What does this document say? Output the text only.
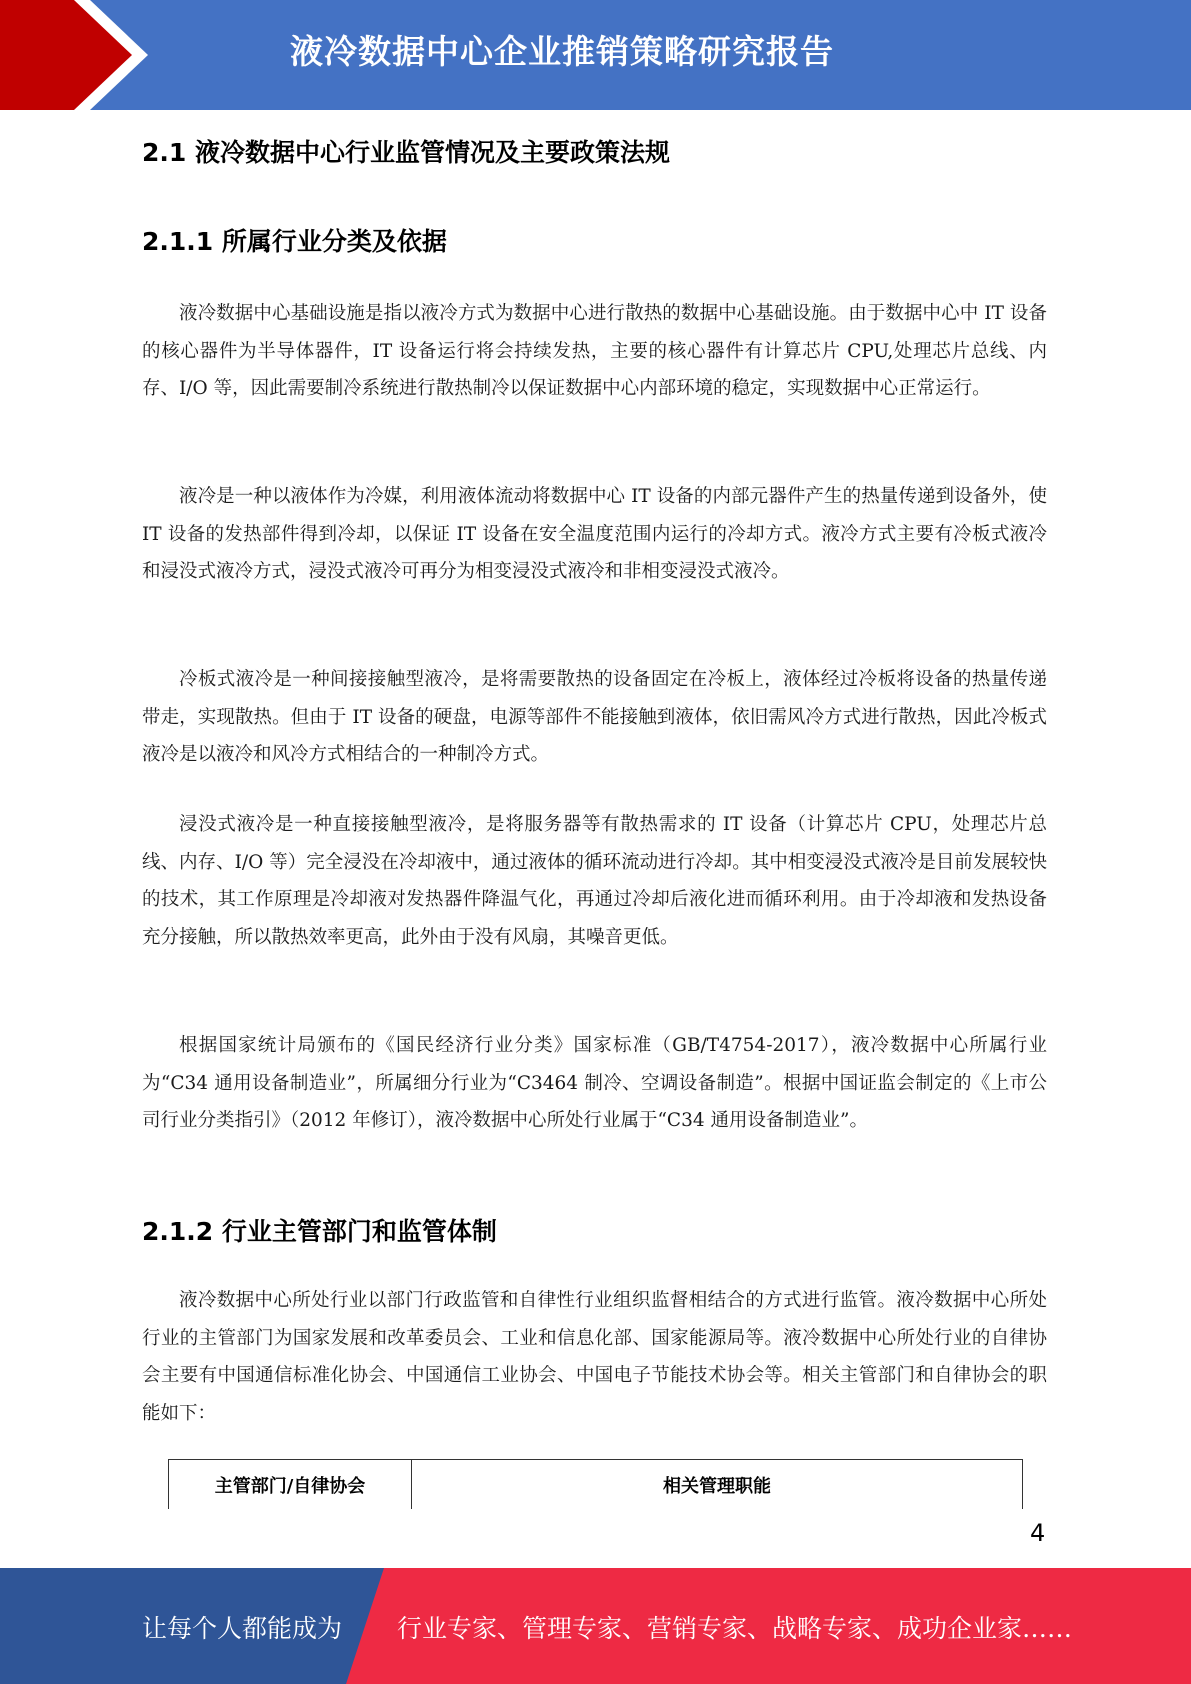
液冷数据中心企业推销策略研究报告
2.1 液冷数据中心行业监管情况及主要政策法规
2.1.1 所属行业分类及依据

液冷数据中心基础设施是指以液冷方式为数据中心进行散热的数据中心基础设施。由于数据中心中 IT 设备的核心器件为半导体器件，IT 设备运行将会持续发热，主要的核心器件有计算芯片 CPU,处理芯片总线、内存、I/O 等，因此需要制冷系统进行散热制冷以保证数据中心内部环境的稳定，实现数据中心正常运行。

液冷是一种以液体作为冷媒，利用液体流动将数据中心 IT 设备的内部元器件产生的热量传递到设备外，使 IT 设备的发热部件得到冷却，以保证 IT 设备在安全温度范围内运行的冷却方式。液冷方式主要有冷板式液冷和浸没式液冷方式，浸没式液冷可再分为相变浸没式液冷和非相变浸没式液冷。

冷板式液冷是一种间接接触型液冷，是将需要散热的设备固定在冷板上，液体经过冷板将设备的热量传递带走，实现散热。但由于 IT 设备的硬盘，电源等部件不能接触到液体，依旧需风冷方式进行散热，因此冷板式液冷是以液冷和风冷方式相结合的一种制冷方式。

浸没式液冷是一种直接接触型液冷，是将服务器等有散热需求的 IT 设备（计算芯片 CPU，处理芯片总线、内存、I/O 等）完全浸没在冷却液中，通过液体的循环流动进行冷却。其中相变浸没式液冷是目前发展较快的技术，其工作原理是冷却液对发热器件降温气化，再通过冷却后液化进而循环利用。由于冷却液和发热设备充分接触，所以散热效率更高，此外由于没有风扇，其噪音更低。

根据国家统计局颁布的《国民经济行业分类》国家标准（GB/T4754-2017），液冷数据中心所属行业为“C34 通用设备制造业”，所属细分行业为“C3464 制冷、空调设备制造”。根据中国证监会制定的《上市公司行业分类指引》（2012 年修订），液冷数据中心所处行业属于“C34 通用设备制造业”。

2.1.2 行业主管部门和监管体制

液冷数据中心所处行业以部门行政监管和自律性行业组织监督相结合的方式进行监管。液冷数据中心所处行业的主管部门为国家发展和改革委员会、工业和信息化部、国家能源局等。液冷数据中心所处行业的自律协会主要有中国通信标准化协会、中国通信工业协会、中国电子节能技术协会等。相关主管部门和自律协会的职能如下：

主管部门/自律协会	相关管理职能
4
让每个人都能成为 行业专家、管理专家、营销专家、战略专家、成功企业家……
